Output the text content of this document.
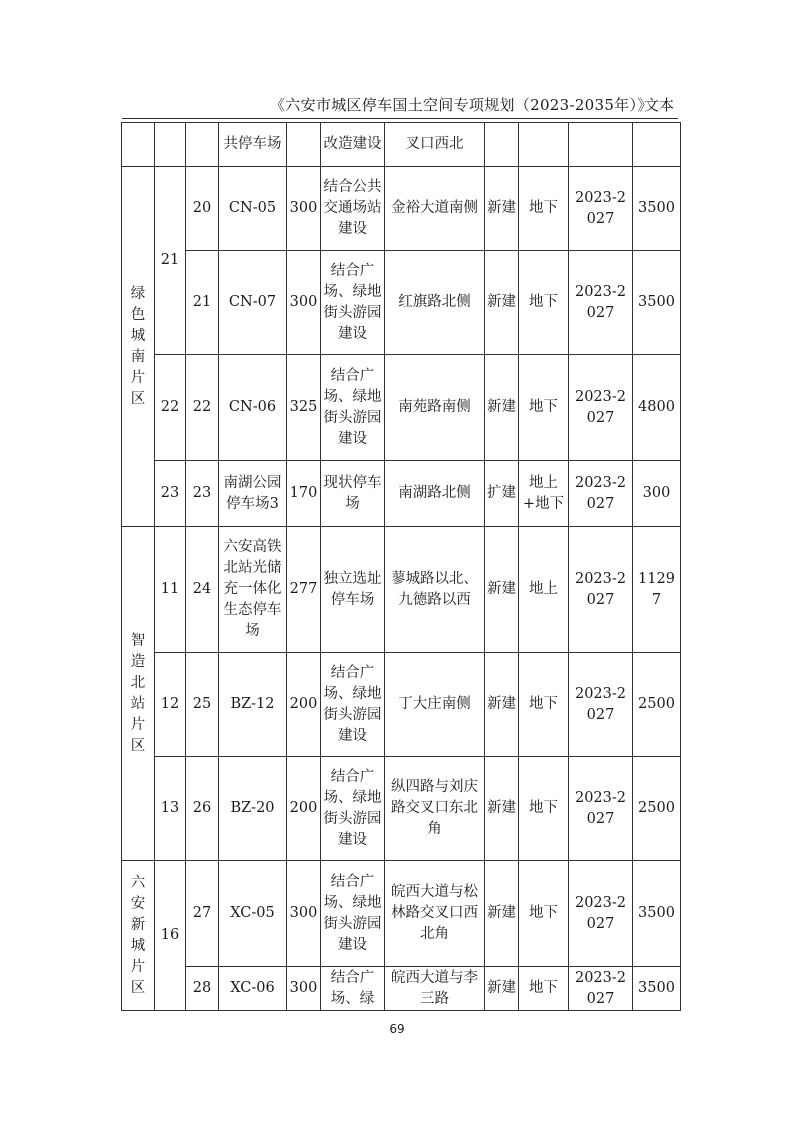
《六安市城区停车国土空间专项规划（2023-2035年）》
文本
			共停车场		改造建设	叉口西北				
绿色城南片区	21	20	CN-05	300	结合公共交通场站建设	金裕大道南侧	新建	地下	2023-2027	3500
		21	CN-07	300	结合广场、绿地街头游园建设	红旗路北侧	新建	地下	2023-2027	3500
	22	22	CN-06	325	结合广场、绿地街头游园建设	南苑路南侧	新建	地下	2023-2027	4800
	23	23	南湖公园停车场3	170	现状停车场	南湖路北侧	扩建	地上+地下	2023-2027	300
智造北站片区	11	24	六安高铁北站光储充一体化生态停车场	277	独立选址停车场	蓼城路以北、九德路以西	新建	地上	2023-2027	11297
	12	25	BZ-12	200	结合广场、绿地街头游园建设	丁大庄南侧	新建	地下	2023-2027	2500
	13	26	BZ-20	200	结合广场、绿地街头游园建设	纵四路与刘庆路交叉口东北角	新建	地下	2023-2027	2500
六安新城片区	16	27	XC-05	300	结合广场、绿地街头游园建设	皖西大道与松林路交叉口西北角	新建	地下	2023-2027	3500
		28	XC-06	300	结合广场、绿	皖西大道与李三路	新建	地下	2023-2027	3500
69
